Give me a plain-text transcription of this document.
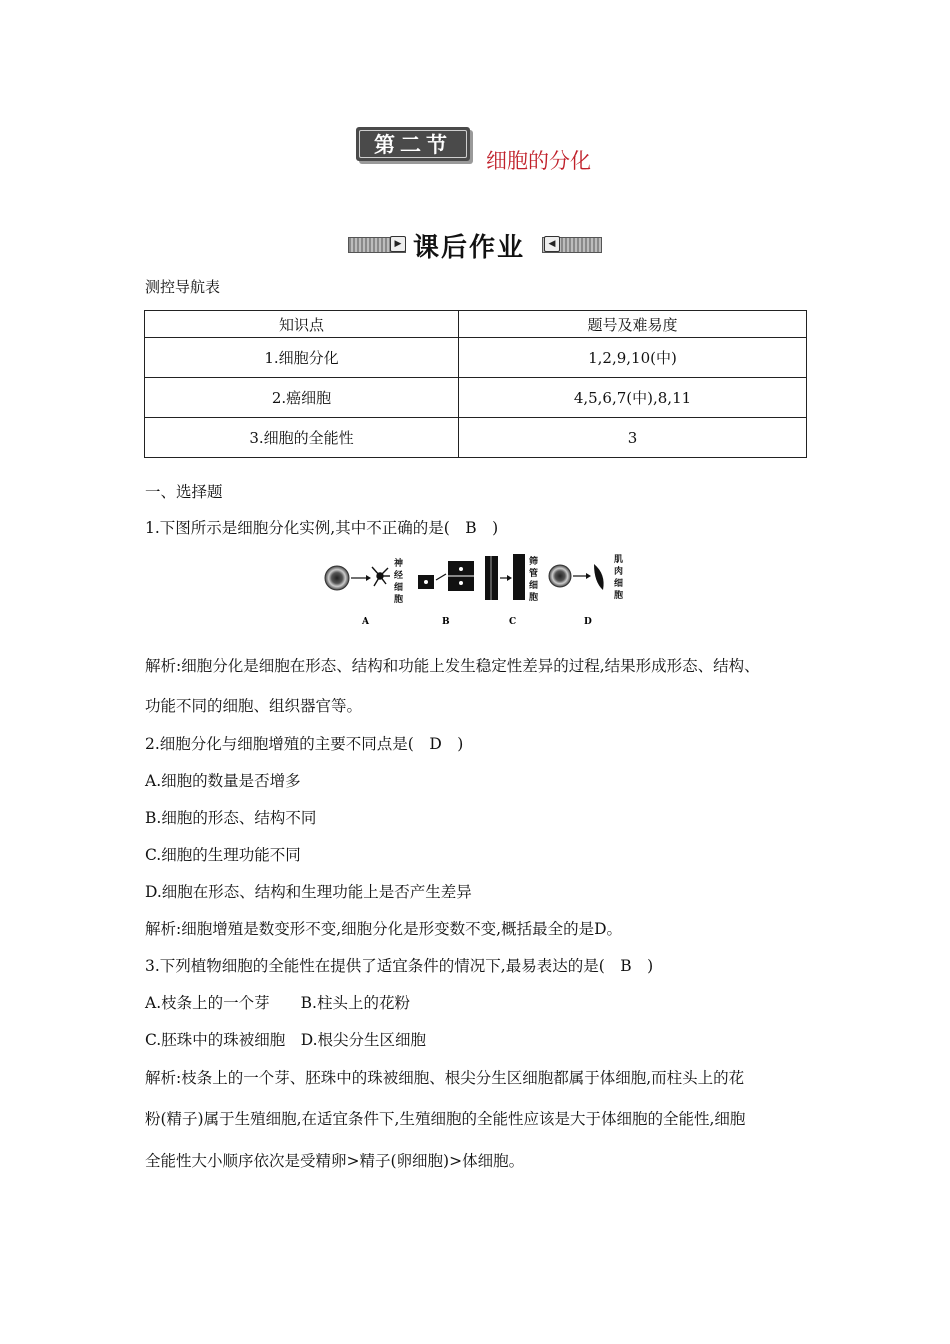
第二节
细胞的分化
▶ 课后作业	◀
测控导航表
知识点	题号及难易度
1.细胞分化	1,2,9,10(中)
2.癌细胞	4,5,6,7(中),8,11
3.细胞的全能性	3
一、选择题
1.下图所示是细胞分化实例,其中不正确的是(　B　)
神
经
细
胞
A	B
筛
管
细
胞
C
肌
肉
细
胞
D
解析:细胞分化是细胞在形态、结构和功能上发生稳定性差异的过程,结果形成形态、结构、
功能不同的细胞、组织器官等。
2.细胞分化与细胞增殖的主要不同点是(　D　)
A.细胞的数量是否增多
B.细胞的形态、结构不同
C.细胞的生理功能不同
D.细胞在形态、结构和生理功能上是否产生差异
解析:细胞增殖是数变形不变,细胞分化是形变数不变,概括最全的是D。
3.下列植物细胞的全能性在提供了适宜条件的情况下,最易表达的是(　B　)
A.枝条上的一个芽　　B.柱头上的花粉
C.胚珠中的珠被细胞　D.根尖分生区细胞
解析:枝条上的一个芽、胚珠中的珠被细胞、根尖分生区细胞都属于体细胞,而柱头上的花
粉(精子)属于生殖细胞,在适宜条件下,生殖细胞的全能性应该是大于体细胞的全能性,细胞
全能性大小顺序依次是受精卵>精子(卵细胞)>体细胞。
